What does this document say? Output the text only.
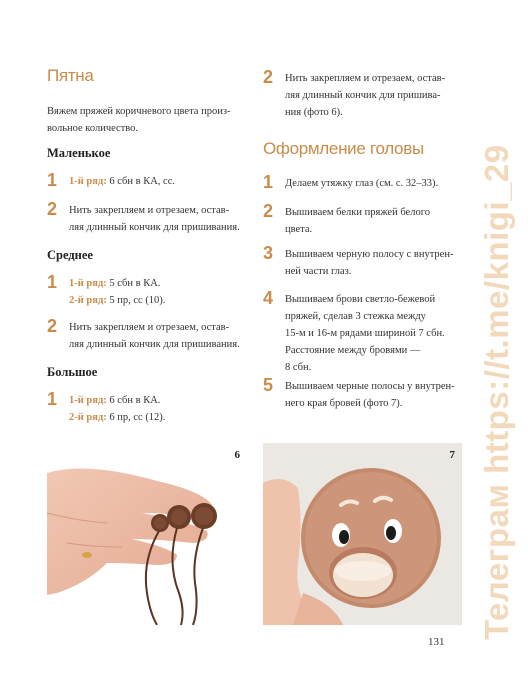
Телеграм https://t.me/knigi_29
Пятна
Вяжем пряжей коричневого цвета произ-
вольное количество.
Маленькое
1 1-й ряд: 6 сбн в КА, сс.
2 Нить закрепляем и отрезаем, остав-
ляя длинный кончик для пришивания.
Среднее
1 1-й ряд: 5 сбн в КА.
2-й ряд: 5 пр, сс (10).
2 Нить закрепляем и отрезаем, остав-
ляя длинный кончик для пришивания.
Большое
1 1-й ряд: 6 сбн в КА.
2-й ряд: 6 пр, сс (12).
2 Нить закрепляем и отрезаем, остав-
ляя длинный кончик для пришива-
ния (фото 6).
Оформление головы
1 Делаем утяжку глаз (см. с. 32–33).
2 Вышиваем белки пряжей белого
цвета.
3 Вышиваем черную полосу с внутрен-
ней части глаз.
4 Вышиваем брови светло-бежевой
пряжей, сделав 3 стежка между
15-м и 16-м рядами шириной 7 сбн.
Расстояние между бровями —
8 сбн.
5 Вышиваем черные полосы у внутрен-
него края бровей (фото 7).
6	7
131
